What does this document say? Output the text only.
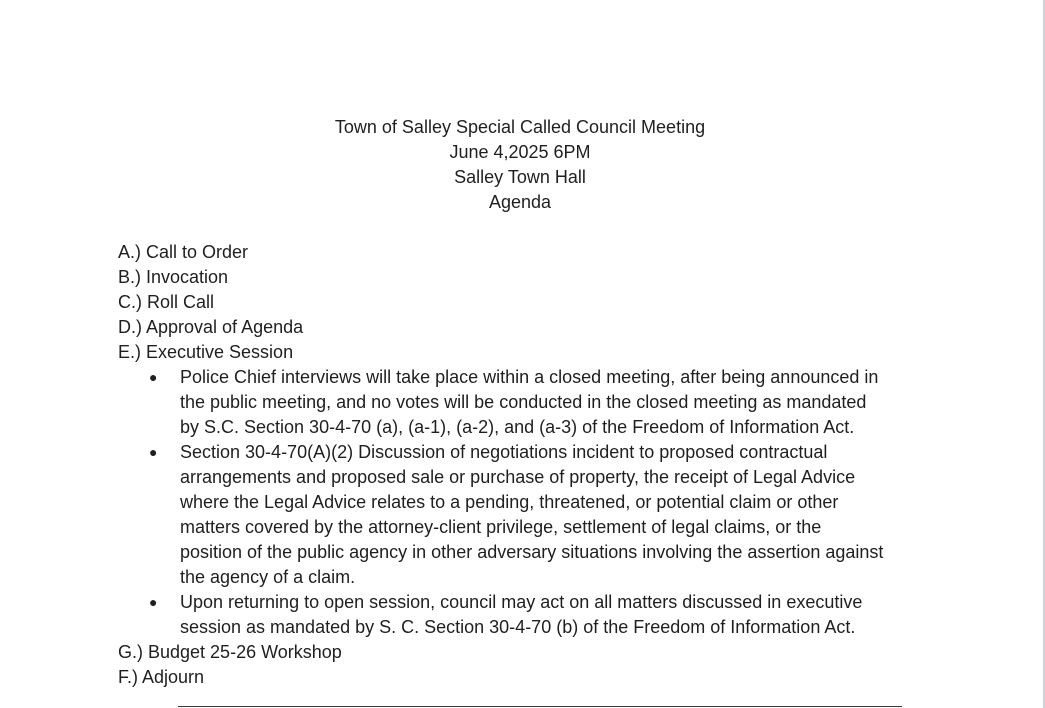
Town of Salley Special Called Council Meeting
June 4,2025 6PM
Salley Town Hall
Agenda
A.) Call to Order
B.) Invocation
C.) Roll Call
D.) Approval of Agenda
E.) Executive Session
● Police Chief interviews will take place within a closed meeting, after being announced in
the public meeting, and no votes will be conducted in the closed meeting as mandated
by S.C. Section 30-4-70 (a), (a-1), (a-2), and (a-3) of the Freedom of Information Act.
● Section 30-4-70(A)(2) Discussion of negotiations incident to proposed contractual
arrangements and proposed sale or purchase of property, the receipt of Legal Advice
where the Legal Advice relates to a pending, threatened, or potential claim or other
matters covered by the attorney-client privilege, settlement of legal claims, or the
position of the public agency in other adversary situations involving the assertion against
the agency of a claim.
● Upon returning to open session, council may act on all matters discussed in executive
session as mandated by S. C. Section 30-4-70 (b) of the Freedom of Information Act.
G.) Budget 25-26 Workshop
F.) Adjourn
